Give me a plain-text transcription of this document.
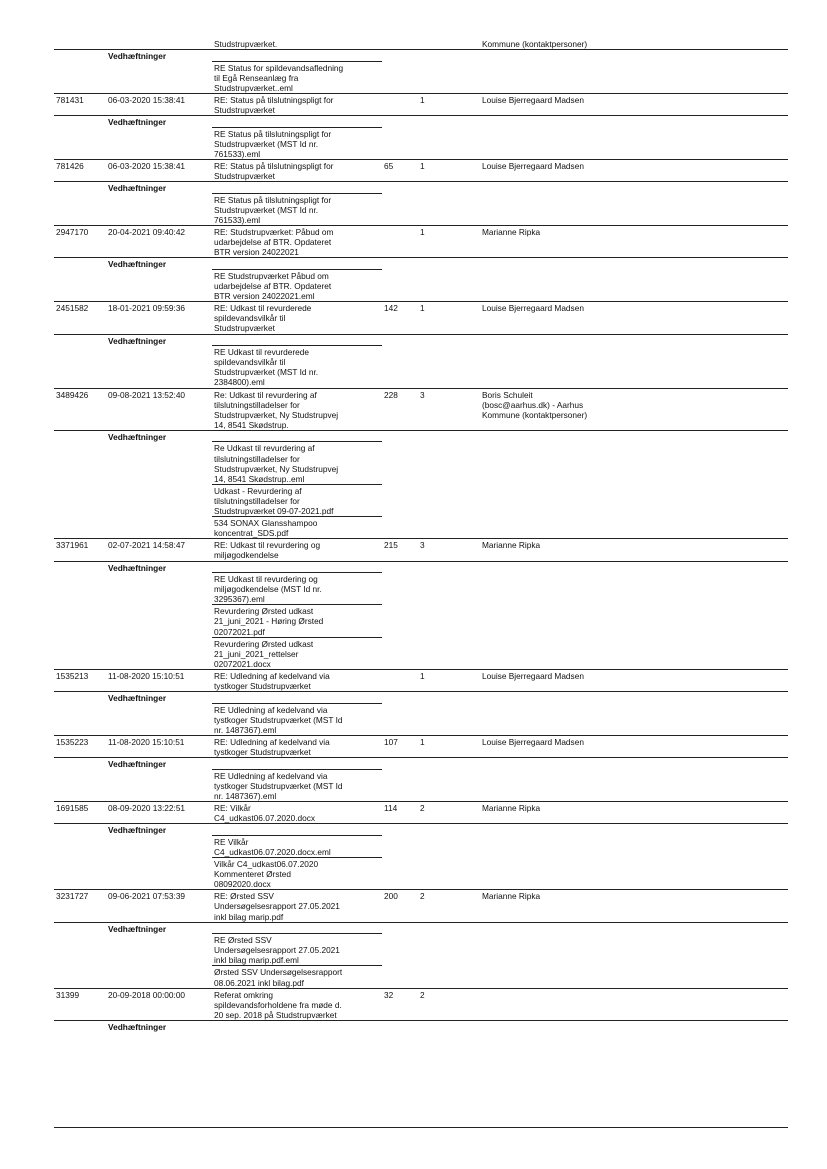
		Studstrupværket.			Kommune (kontaktpersoner)
	Vedhæftninger				
		RE Status for spildevandsafledning
til Egå Renseanlæg fra
Studstrupværket..eml			
781431	06-03-2020 15:38:41	RE: Status på tilslutningspligt for
Studstrupværket		1	Louise Bjerregaard Madsen
	Vedhæftninger				
		RE Status på tilslutningspligt for
Studstrupværket (MST Id nr.
761533).eml			
781426	06-03-2020 15:38:41	RE: Status på tilslutningspligt for
Studstrupværket	65	1	Louise Bjerregaard Madsen
	Vedhæftninger				
		RE Status på tilslutningspligt for
Studstrupværket (MST Id nr.
761533).eml			
2947170	20-04-2021 09:40:42	RE: Studstrupværket: Påbud om
udarbejdelse af BTR. Opdateret
BTR version 24022021		1	Marianne Ripka
	Vedhæftninger				
		RE Studstrupværket Påbud om
udarbejdelse af BTR. Opdateret
BTR version 24022021.eml			
2451582	18-01-2021 09:59:36	RE: Udkast til revurderede
spildevandsvilkår til
Studstrupværket	142	1	Louise Bjerregaard Madsen
	Vedhæftninger				
		RE Udkast til revurderede
spildevandsvilkår til
Studstrupværket (MST Id nr.
2384800).eml			
3489426	09-08-2021 13:52:40	Re: Udkast til revurdering af
tilslutningstilladelser for
Studstrupværket, Ny Studstrupvej
14, 8541 Skødstrup.	228	3	Boris Schuleit
(bosc@aarhus.dk) - Aarhus
Kommune (kontaktpersoner)
	Vedhæftninger				
		Re Udkast til revurdering af
tilslutningstilladelser for
Studstrupværket, Ny Studstrupvej
14, 8541 Skødstrup..eml			
		Udkast - Revurdering af
tilslutningstilladelser for
Studstrupværket 09-07-2021.pdf			
		534 SONAX Glansshampoo
koncentrat_SDS.pdf			
3371961	02-07-2021 14:58:47	RE: Udkast til revurdering og
miljøgodkendelse	215	3	Marianne Ripka
	Vedhæftninger				
		RE Udkast til revurdering og
miljøgodkendelse (MST Id nr.
3295367).eml			
		Revurdering Ørsted udkast
21_juni_2021 - Høring Ørsted
02072021.pdf			
		Revurdering Ørsted udkast
21_juni_2021_rettelser
02072021.docx			
1535213	11-08-2020 15:10:51	RE: Udledning af kedelvand via
tystkoger Studstrupværket		1	Louise Bjerregaard Madsen
	Vedhæftninger				
		RE Udledning af kedelvand via
tystkoger Studstrupværket (MST Id
nr. 1487367).eml			
1535223	11-08-2020 15:10:51	RE: Udledning af kedelvand via
tystkoger Studstrupværket	107	1	Louise Bjerregaard Madsen
	Vedhæftninger				
		RE Udledning af kedelvand via
tystkoger Studstrupværket (MST Id
nr. 1487367).eml			
1691585	08-09-2020 13:22:51	RE: Vilkår
C4_udkast06.07.2020.docx	114	2	Marianne Ripka
	Vedhæftninger				
		RE Vilkår
C4_udkast06.07.2020.docx.eml			
		Vilkår C4_udkast06.07.2020
Kommenteret Ørsted
08092020.docx			
3231727	09-06-2021 07:53:39	RE: Ørsted SSV
Undersøgelsesrapport 27.05.2021
inkl bilag marip.pdf	200	2	Marianne Ripka
	Vedhæftninger				
		RE Ørsted SSV
Undersøgelsesrapport 27.05.2021
inkl bilag marip.pdf.eml			
		Ørsted SSV Undersøgelsesrapport
08.06.2021 inkl bilag.pdf			
31399	20-09-2018 00:00:00	Referat omkring
spildevandsforholdene fra møde d.
20 sep. 2018 på Studstrupværket	32	2	
	Vedhæftninger				
